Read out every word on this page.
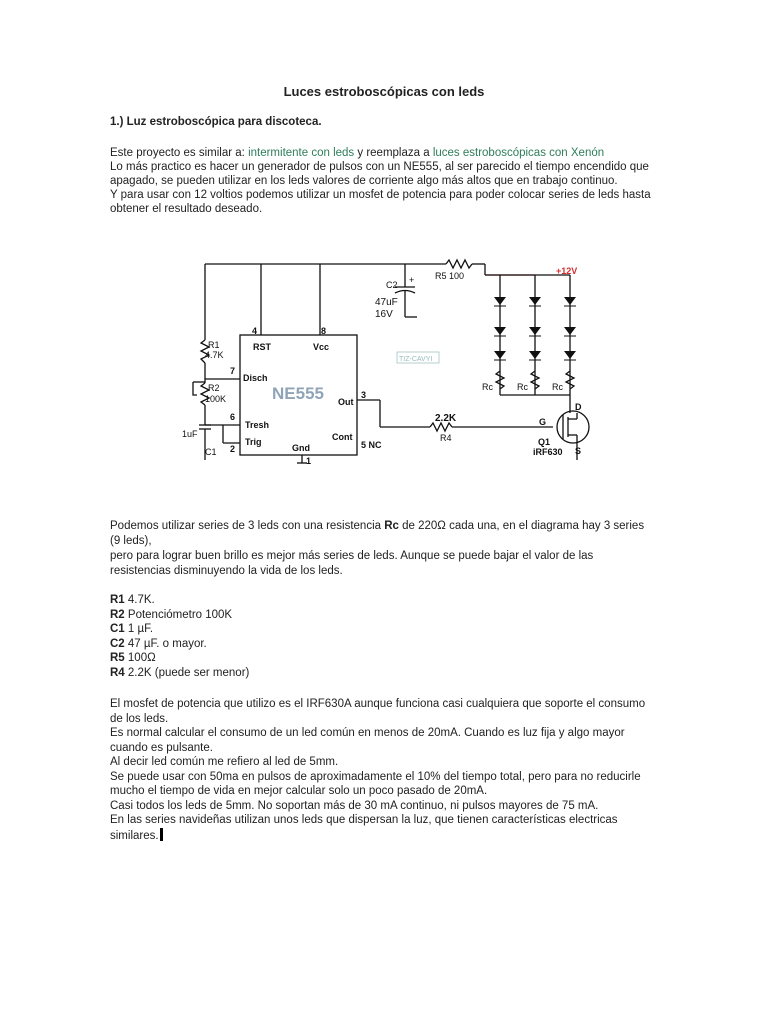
Luces estroboscópicas con leds
1.) Luz estroboscópica para discoteca.
Este proyecto es similar a: intermitente con leds y reemplaza a luces estroboscópicas con Xenón
Lo más practico es hacer un generador de pulsos con un NE555, al ser parecido el tiempo encendido que
apagado, se pueden utilizar en los leds valores de corriente algo más altos que en trabajo continuo.
Y para usar con 12 voltios podemos utilizar un mosfet de potencia para poder colocar series de leds hasta
obtener el resultado deseado.
4	8
RST	Vcc
7
Disch
6
Tresh
2
Trig
Gnd
1
3
Out
Cont
5 NC
R1
4.7K
R2
100K
1uF
C1
C2 +
47uF
16V
R5 100	+12V
Rc	Rc	Rc
2.2K
R4
G
D
S
Q1
iRF630
NE555
TIZ-CAVYI
Podemos utilizar series de 3 leds con una resistencia Rc de 220Ω cada una, en el diagrama hay 3 series
(9 leds),
pero para lograr buen brillo es mejor más series de leds. Aunque se puede bajar el valor de las
resistencias disminuyendo la vida de los leds.
R1 4.7K.
R2 Potenciómetro 100K
C1 1 µF.
C2 47 µF. o mayor.
R5 100Ω
R4 2.2K (puede ser menor)
El mosfet de potencia que utilizo es el IRF630A aunque funciona casi cualquiera que soporte el consumo
de los leds.
Es normal calcular el consumo de un led común en menos de 20mA. Cuando es luz fija y algo mayor
cuando es pulsante.
Al decir led común me refiero al led de 5mm.
Se puede usar con 50ma en pulsos de aproximadamente el 10% del tiempo total, pero para no reducirle
mucho el tiempo de vida en mejor calcular solo un poco pasado de 20mA.
Casi todos los leds de 5mm. No soportan más de 30 mA continuo, ni pulsos mayores de 75 mA.
En las series navideñas utilizan unos leds que dispersan la luz, que tienen características electricas
similares.
